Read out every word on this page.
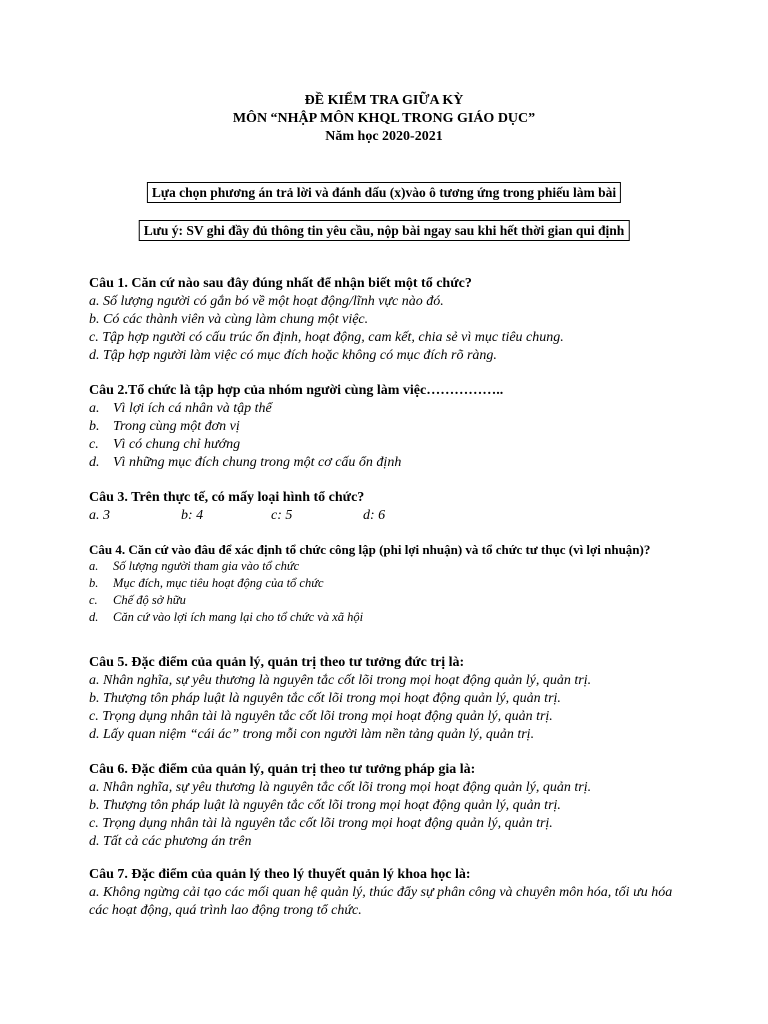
ĐỀ KIỂM TRA GIỮA KỲ
MÔN “NHẬP MÔN KHQL TRONG GIÁO DỤC”
Năm học 2020-2021
Lựa chọn phương án trả lời và đánh dấu (x)vào ô tương ứng trong phiếu làm bài
Lưu ý: SV ghi đầy đủ thông tin yêu cầu, nộp bài ngay sau khi hết thời gian qui định
Câu 1. Căn cứ nào sau đây đúng nhất để nhận biết một tổ chức?
a. Số lượng người có gắn bó về một hoạt động/lĩnh vực nào đó.
b. Có các thành viên và cùng làm chung một việc.
c. Tập hợp người có cấu trúc ổn định, hoạt động, cam kết, chia sẻ vì mục tiêu chung.
d. Tập hợp người làm việc có mục đích hoặc không có mục đích rõ ràng.
Câu 2.Tổ chức là tập hợp của nhóm người cùng làm việc……………..
a. Vì lợi ích cá nhân và tập thể
b. Trong cùng một đơn vị
c. Vì có chung chỉ hướng
d. Vì những mục đích chung trong một cơ cấu ổn định
Câu 3. Trên thực tế, có mấy loại hình tổ chức?
a. 3	b: 4	c: 5	d: 6
Câu 4. Căn cứ vào đâu để xác định tổ chức công lập (phi lợi nhuận) và tổ chức tư thục (vì lợi nhuận)?
a. Số lượng người tham gia vào tổ chức
b. Mục đích, mục tiêu hoạt động của tổ chức
c. Chế độ sở hữu
d. Căn cứ vào lợi ích mang lại cho tổ chức và xã hội
Câu 5. Đặc điểm của quản lý, quản trị theo tư tưởng đức trị là:
a. Nhân nghĩa, sự yêu thương là nguyên tắc cốt lõi trong mọi hoạt động quản lý, quản trị.
b. Thượng tôn pháp luật là nguyên tắc cốt lõi trong mọi hoạt động quản lý, quản trị.
c. Trọng dụng nhân tài là nguyên tắc cốt lõi trong mọi hoạt động quản lý, quản trị.
d. Lấy quan niệm “cái ác” trong mỗi con người làm nền tảng quản lý, quản trị.
Câu 6. Đặc điểm của quản lý, quản trị theo tư tưởng pháp gia là:
a. Nhân nghĩa, sự yêu thương là nguyên tắc cốt lõi trong mọi hoạt động quản lý, quản trị.
b. Thượng tôn pháp luật là nguyên tắc cốt lõi trong mọi hoạt động quản lý, quản trị.
c. Trọng dụng nhân tài là nguyên tắc cốt lõi trong mọi hoạt động quản lý, quản trị.
d. Tất cả các phương án trên
Câu 7. Đặc điểm của quản lý theo lý thuyết quản lý khoa học là:
a. Không ngừng cải tạo các mối quan hệ quản lý, thúc đẩy sự phân công và chuyên môn hóa, tối ưu hóa các hoạt động, quá trình lao động trong tổ chức.
